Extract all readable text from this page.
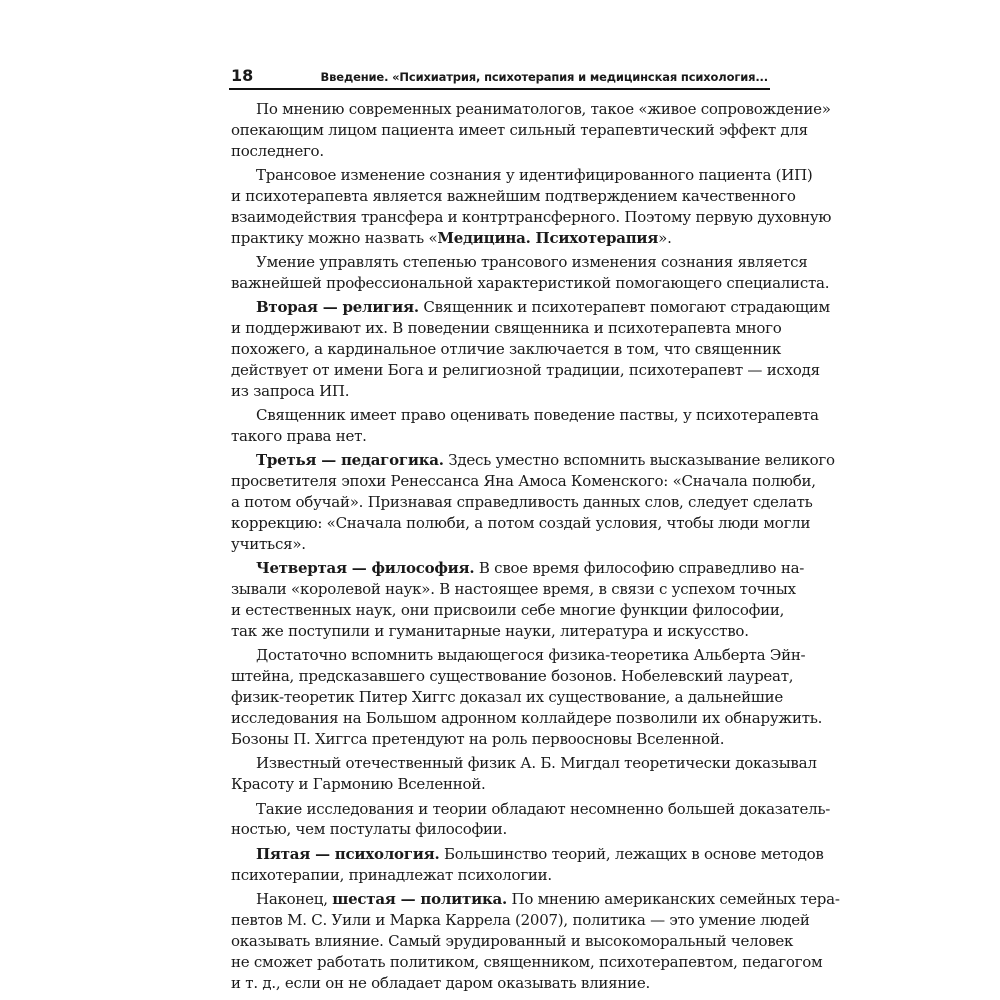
18	Введение. «Психиатрия, психотерапия и медицинская психология...

По мнению современных реаниматологов, такое «живое сопровождение»
опекающим лицом пациента имеет сильный терапевтический эффект для
последнего.

Трансовое изменение сознания у идентифицированного пациента (ИП)
и психотерапевта является важнейшим подтверждением качественного
взаимодействия трансфера и контртрансферного. Поэтому первую духовную
практику можно назвать «Медицина. Психотерапия».

Умение управлять степенью трансового изменения сознания является
важнейшей профессиональной характеристикой помогающего специалиста.

Вторая — религия. Священник и психотерапевт помогают страдающим
и поддерживают их. В поведении священника и психотерапевта много
похожего, а кардинальное отличие заключается в том, что священник
действует от имени Бога и религиозной традиции, психотерапевт — исходя
из запроса ИП.

Священник имеет право оценивать поведение паствы, у психотерапевта
такого права нет.

Третья — педагогика. Здесь уместно вспомнить высказывание великого
просветителя эпохи Ренессанса Яна Амоса Коменского: «Сначала полюби,
а потом обучай». Признавая справедливость данных слов, следует сделать
коррекцию: «Сначала полюби, а потом создай условия, чтобы люди могли
учиться».

Четвертая — философия. В свое время философию справедливо на-
зывали «королевой наук». В настоящее время, в связи с успехом точных
и естественных наук, они присвоили себе многие функции философии,
так же поступили и гуманитарные науки, литература и искусство.

Достаточно вспомнить выдающегося физика-теоретика Альберта Эйн-
штейна, предсказавшего существование бозонов. Нобелевский лауреат,
физик-теоретик Питер Хиггс доказал их существование, а дальнейшие
исследования на Большом адронном коллайдере позволили их обнаружить.
Бозоны П. Хиггса претендуют на роль первоосновы Вселенной.

Известный отечественный физик А. Б. Мигдал теоретически доказывал
Красоту и Гармонию Вселенной.

Такие исследования и теории обладают несомненно большей доказатель-
ностью, чем постулаты философии.

Пятая — психология. Большинство теорий, лежащих в основе методов
психотерапии, принадлежат психологии.

Наконец, шестая — политика. По мнению американских семейных тера-
певтов М. С. Уили и Марка Каррела (2007), политика — это умение людей
оказывать влияние. Самый эрудированный и высокоморальный человек
не сможет работать политиком, священником, психотерапевтом, педагогом
и т. д., если он не обладает даром оказывать влияние.
